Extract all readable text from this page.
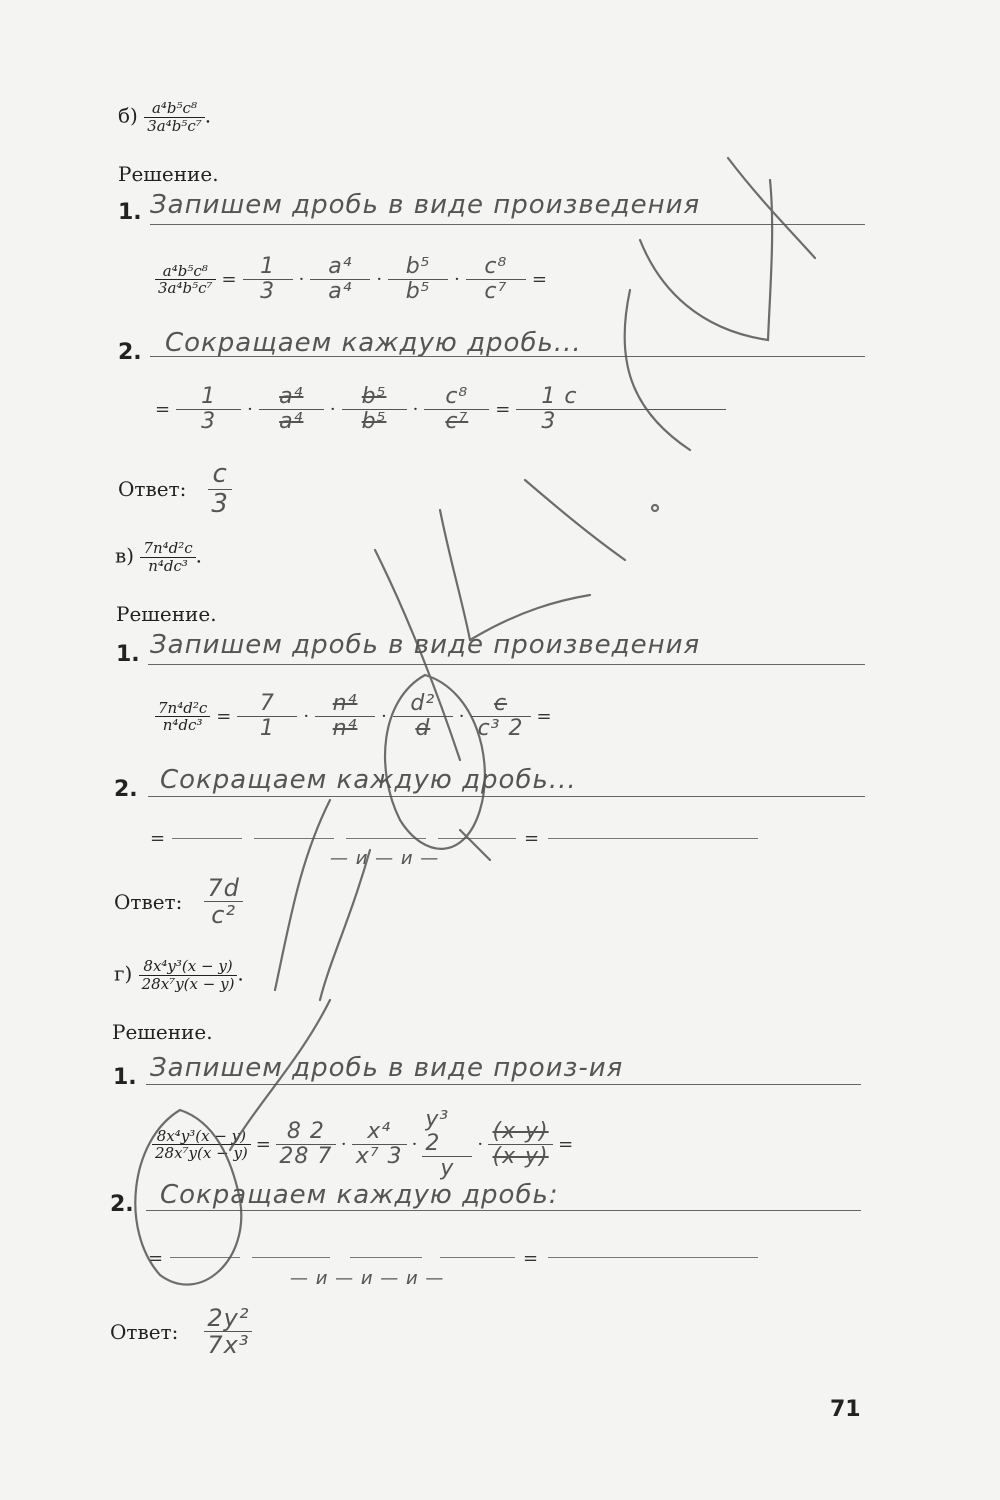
$б) \frac{\text{a⁴b⁵c⁸}}{\text{3a⁴b⁵c⁷}}$ .
Решение.
1. Запишем дробь в виде произведения
$\frac{\text{a⁴b⁵c⁸}}{\text{3a⁴b⁵c⁷}} = \frac{1}{3} \cdot \frac{\text{a⁴}}{\text{a⁴}} \cdot \frac{\text{b⁵}}{\text{b⁵}} \cdot \frac{\text{c⁸}}{\text{c⁷}}$ =
2. Сокращаем каждую дробь...
= $\frac{1}{3} \cdot \frac{\text{a⁴}}{\text{a⁴}} \cdot \frac{\text{b⁵}}{\text{b⁵}} \cdot \frac{\text{c⁸}}{\text{c⁷}} = \frac{1 c}{3}$
Ответ: $\frac{c}{3}$
$в) \frac{\text{7n⁴d²c}}{\text{n⁴dc³}}$ .
Решение.
1. Запишем дробь в виде произведения
$\frac{\text{7n⁴d²c}}{\text{n⁴dc³}} = \frac{7}{1} \cdot \frac{\text{n⁴}}{\text{n⁴}} \cdot \frac{\text{d²}}{d} \cdot \frac{c}{\text{c³ 2}}$ =
2. Сокращаем каждую дробь...
=	=
— и — и —
Ответ: $\frac{7d}{\text{c²}}$
$г) \frac{\text{8x⁴y³(x − y)}}{\text{28x⁷y(x − y)}}$ .
Решение.
1. Запишем дробь в виде произ-ия
$\frac{\text{8x⁴y³(x − y)}}{\text{28x⁷y(x − y)}} = \frac{8 2}{28 7} \cdot \frac{\text{x⁴}}{\text{x⁷ 3}} \cdot \frac{\text{y³ 2}}{y} \cdot \frac{(x-y)}{(x-y)}$ =
2. Сокращаем каждую дробь:
=	=
— и — и — и —
Ответ: $\frac{\text{2y²}}{\text{7x³}}$
71
